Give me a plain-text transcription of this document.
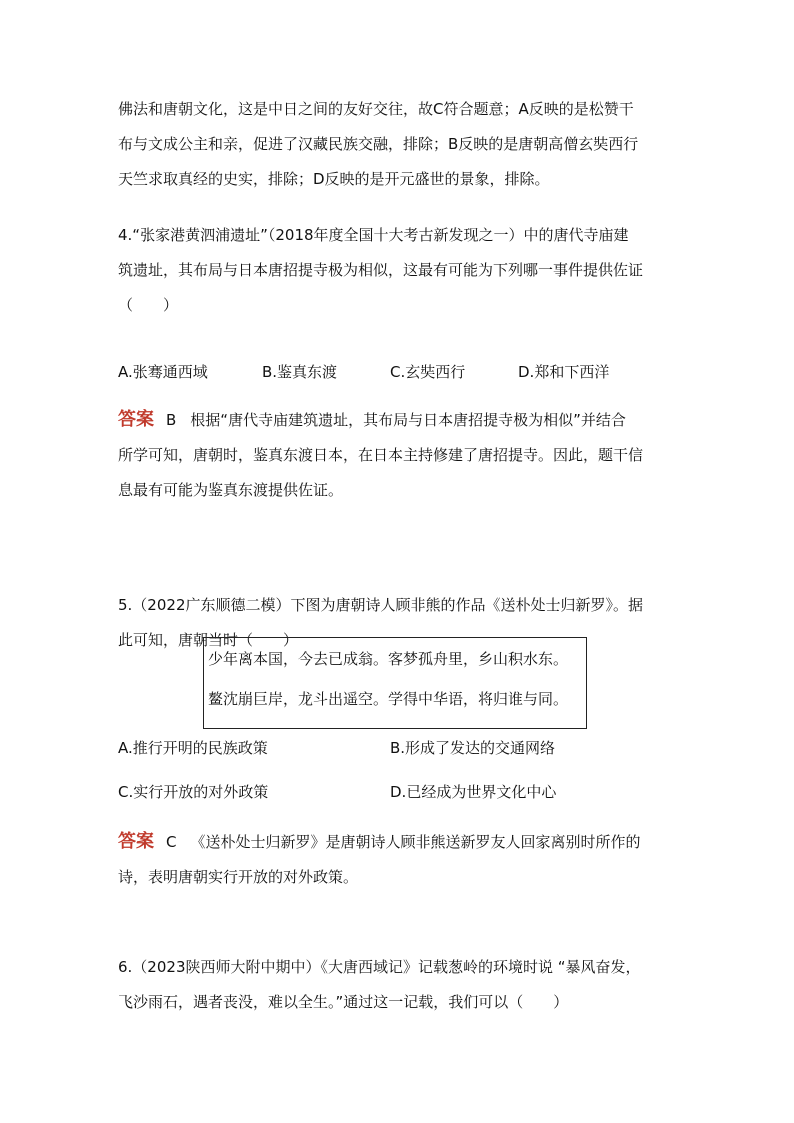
佛法和唐朝文化，这是中日之间的友好交往，故C符合题意；A反映的是松赞干
布与文成公主和亲，促进了汉藏民族交融，排除；B反映的是唐朝高僧玄奘西行
天竺求取真经的史实，排除；D反映的是开元盛世的景象，排除。
4.“张家港黄泗浦遗址”（2018年度全国十大考古新发现之一）中的唐代寺庙建
筑遗址，其布局与日本唐招提寺极为相似，这最有可能为下列哪一事件提供佐证
（　　）
A.张骞通西域	B.鉴真东渡	C.玄奘西行	D.郑和下西洋
答案 B 根据“唐代寺庙建筑遗址，其布局与日本唐招提寺极为相似”并结合
所学可知，唐朝时，鉴真东渡日本，在日本主持修建了唐招提寺。因此，题干信
息最有可能为鉴真东渡提供佐证。
5.（2022广东顺德二模）下图为唐朝诗人顾非熊的作品《送朴处士归新罗》。据
此可知，唐朝当时（　　）
少年离本国，今去已成翁。客梦孤舟里，乡山积水东。
鳌沈崩巨岸，龙斗出遥空。学得中华语，将归谁与同。
A.推行开明的民族政策	B.形成了发达的交通网络
C.实行开放的对外政策	D.已经成为世界文化中心
答案 C 《送朴处士归新罗》是唐朝诗人顾非熊送新罗友人回家离别时所作的
诗，表明唐朝实行开放的对外政策。
6.（2023陕西师大附中期中）《大唐西域记》记载葱岭的环境时说 “暴风奋发，
飞沙雨石，遇者丧没，难以全生。”通过这一记载，我们可以（　　）
